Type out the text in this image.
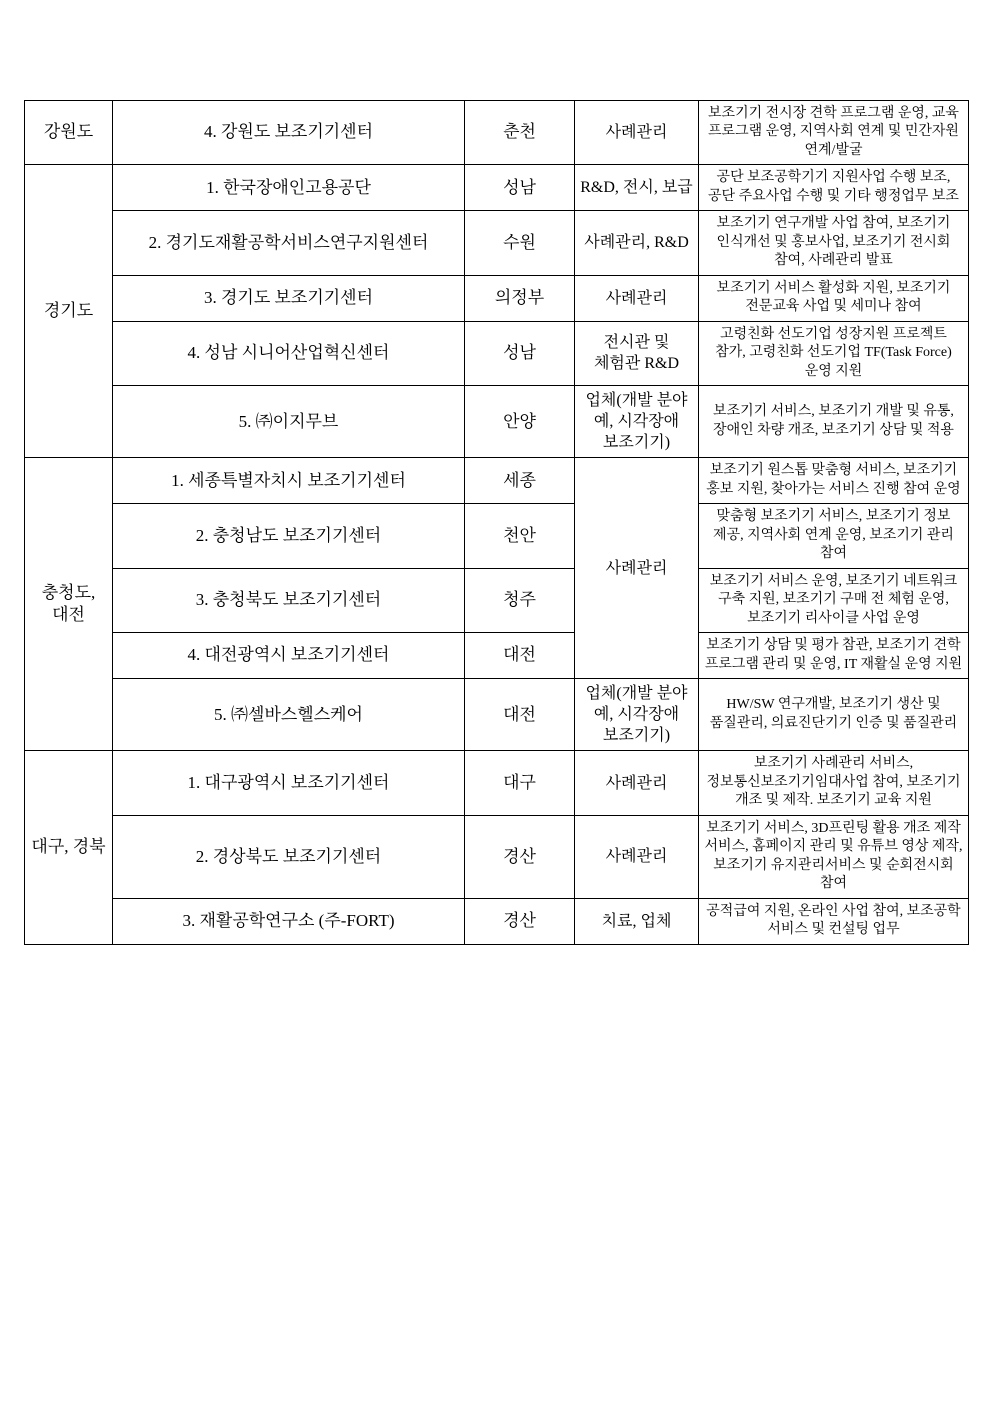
강원도	4. 강원도 보조기기센터	춘천	사례관리	보조기기 전시장 견학 프로그램 운영, 교육 프로그램 운영, 지역사회 연계 및 민간자원 연계/발굴
경기도	1. 한국장애인고용공단	성남	R&D, 전시, 보급	공단 보조공학기기 지원사업 수행 보조, 공단 주요사업 수행 및 기타 행정업무 보조
	2. 경기도재활공학서비스연구지원센터	수원	사례관리, R&D	보조기기 연구개발 사업 참여, 보조기기 인식개선 및 홍보사업, 보조기기 전시회 참여, 사례관리 발표
	3. 경기도 보조기기센터	의정부	사례관리	보조기기 서비스 활성화 지원, 보조기기 전문교육 사업 및 세미나 참여
	4. 성남 시니어산업혁신센터	성남	전시관 및 체험관 R&D	고령친화 선도기업 성장지원 프로젝트 참가, 고령친화 선도기업 TF(Task Force)운영 지원
	5. ㈜이지무브	안양	업체(개발 분야 예, 시각장애 보조기기)	보조기기 서비스, 보조기기 개발 및 유통, 장애인 차량 개조, 보조기기 상담 및 적용
충청도, 대전	1. 세종특별자치시 보조기기센터	세종	사례관리	보조기기 원스톱 맞춤형 서비스, 보조기기 홍보 지원, 찾아가는 서비스 진행 참여 운영
	2. 충청남도 보조기기센터	천안		맞춤형 보조기기 서비스, 보조기기 정보 제공, 지역사회 연계 운영, 보조기기 관리 참여
	3. 충청북도 보조기기센터	청주		보조기기 서비스 운영, 보조기기 네트워크 구축 지원, 보조기기 구매 전 체험 운영, 보조기기 리사이클 사업 운영
	4. 대전광역시 보조기기센터	대전		보조기기 상담 및 평가 참관, 보조기기 견학 프로그램 관리 및 운영, IT 재활실 운영 지원
	5. ㈜셀바스헬스케어	대전	업체(개발 분야 예, 시각장애 보조기기)	HW/SW 연구개발, 보조기기 생산 및 품질관리, 의료진단기기 인증 및 품질관리
대구, 경북	1. 대구광역시 보조기기센터	대구	사례관리	보조기기 사례관리 서비스, 정보통신보조기기임대사업 참여, 보조기기 개조 및 제작. 보조기기 교육 지원
	2. 경상북도 보조기기센터	경산	사례관리	보조기기 서비스, 3D프린팅 활용 개조 제작 서비스, 홈페이지 관리 및 유튜브 영상 제작, 보조기기 유지관리서비스 및 순회전시회 참여
	3. 재활공학연구소 (주-FORT)	경산	치료, 업체	공적급여 지원, 온라인 사업 참여, 보조공학 서비스 및 컨설팅 업무
